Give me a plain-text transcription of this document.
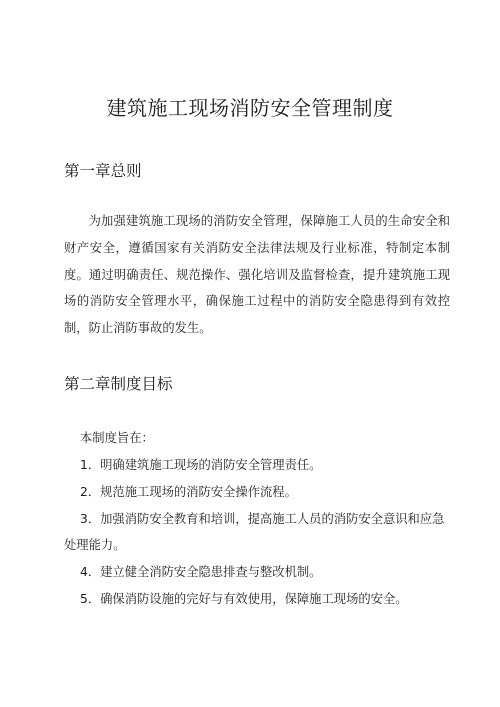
建筑施工现场消防安全管理制度
第一章总则

为加强建筑施工现场的消防安全管理，保障施工人员的生命安全和财产安全，遵循国家有关消防安全法律法规及行业标准，特制定本制度。通过明确责任、规范操作、强化培训及监督检查，提升建筑施工现场的消防安全管理水平，确保施工过程中的消防安全隐患得到有效控制，防止消防事故的发生。

第二章制度目标

本制度旨在：

1．明确建筑施工现场的消防安全管理责任。
2．规范施工现场的消防安全操作流程。
3．加强消防安全教育和培训，提高施工人员的消防安全意识和应急处理能力。
4．建立健全消防安全隐患排查与整改机制。
5．确保消防设施的完好与有效使用，保障施工现场的安全。
